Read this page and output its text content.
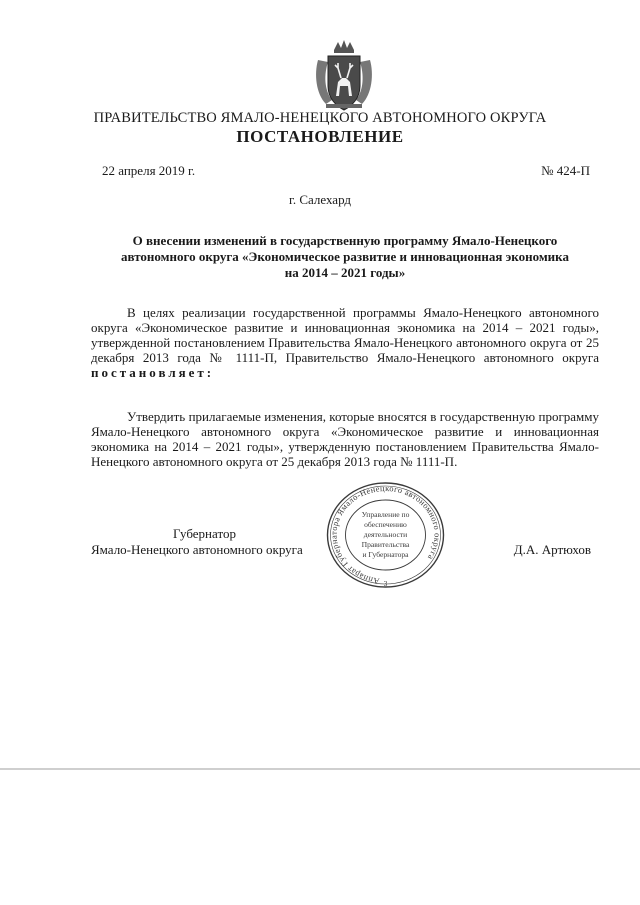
ПРАВИТЕЛЬСТВО ЯМАЛО-НЕНЕЦКОГО АВТОНОМНОГО ОКРУГА
ПОСТАНОВЛЕНИЕ
22 апреля 2019 г.	№ 424-П
г. Салехард
О внесении изменений в государственную программу Ямало-Ненецкого автономного округа «Экономическое развитие и инновационная экономика на 2014 – 2021 годы»
В целях реализации государственной программы Ямало-Ненецкого автономного округа «Экономическое развитие и инновационная экономика на 2014 – 2021 годы», утвержденной постановлением Правительства Ямало-Ненецкого автономного округа от 25 декабря 2013 года № 1111-П, Правительство Ямало-Ненецкого автономного округа постановляет:
Утвердить прилагаемые изменения, которые вносятся в государственную программу Ямало-Ненецкого автономного округа «Экономическое развитие и инновационная экономика на 2014 – 2021 годы», утвержденную постановлением Правительства Ямало-Ненецкого автономного округа от 25 декабря 2013 года № 1111-П.
Губернатор
Ямало-Ненецкого автономного округа	Д.А. Артюхов
Аппарат Губернатора Ямало-Ненецкого автономного округа
3
Управление по
обеспечению
деятельности
Правительства
и Губернатора
